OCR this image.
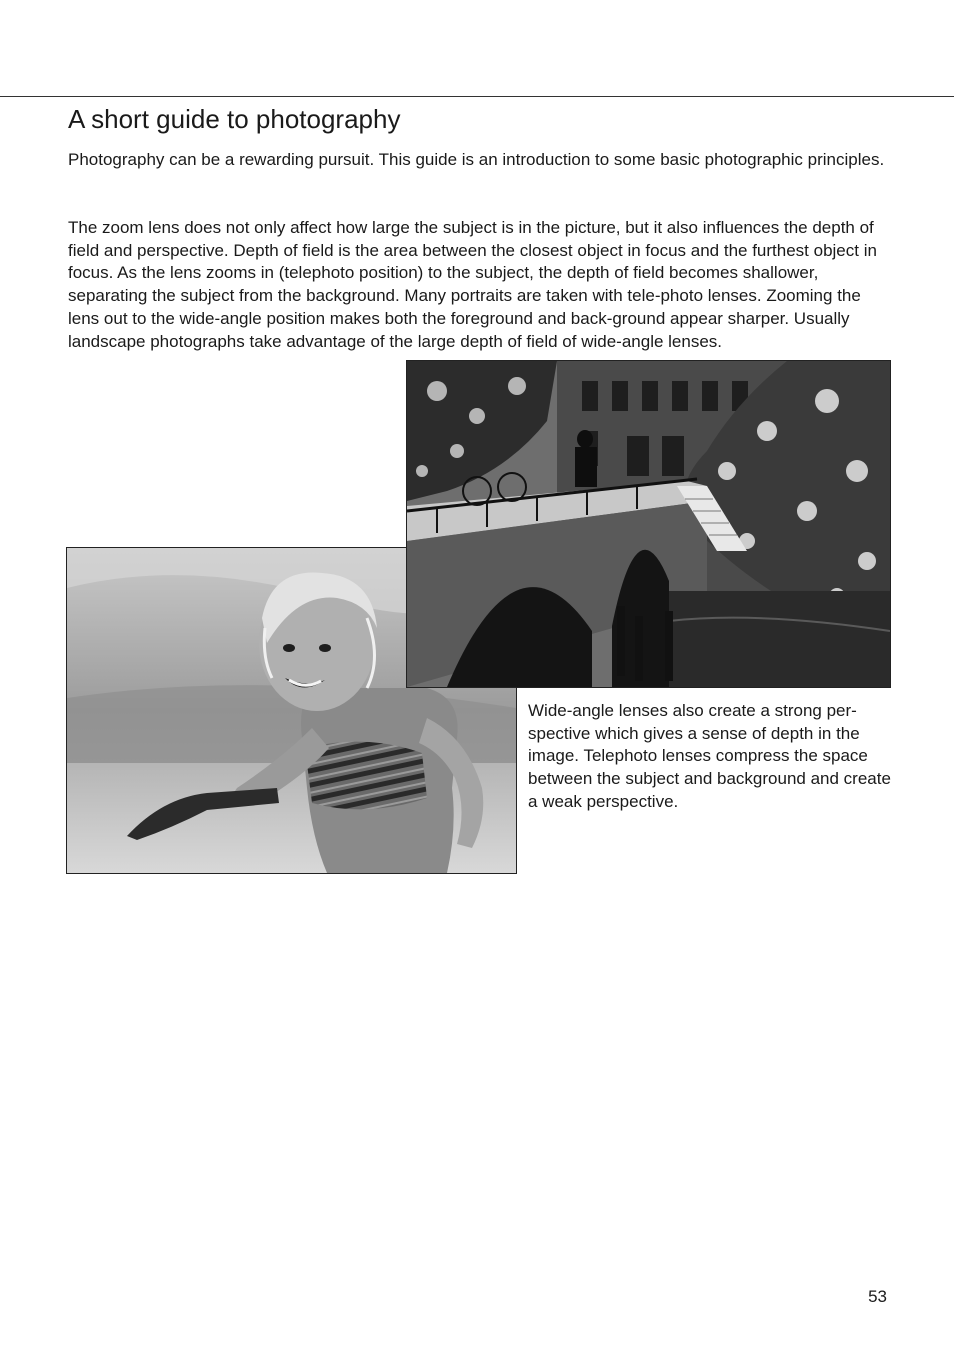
A short guide to photography

Photography can be a rewarding pursuit. This guide is an introduction to some basic photographic principles.

The zoom lens does not only affect how large the subject is in the picture, but it also influences the depth of field and perspective. Depth of field is the area between the closest object in focus and the furthest object in focus. As the lens zooms in (telephoto position) to the subject, the depth of field becomes shallower, separating the subject from the background. Many portraits are taken with tele-photo lenses. Zooming the lens out to the wide-angle position makes both the foreground and back-ground appear sharper. Usually landscape photographs take advantage of the large depth of field of wide-angle lenses.

Wide-angle lenses also create a strong per-spective which gives a sense of depth in the image. Telephoto lenses compress the space between the subject and background and create a weak perspective.

53
